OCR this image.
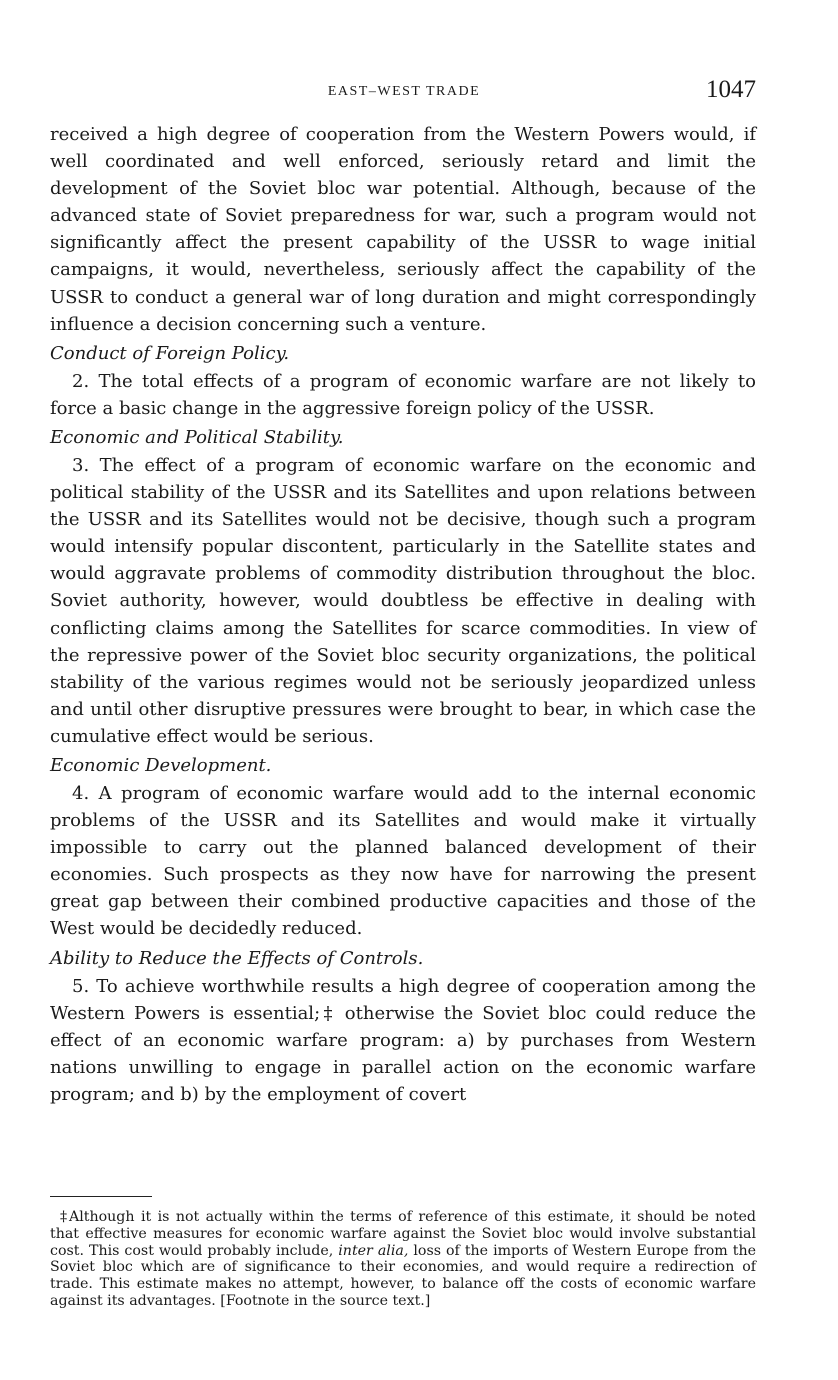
EAST–WEST TRADE	1047

received a high degree of cooperation from the Western Powers would, if well coordinated and well enforced, seriously retard and limit the development of the Soviet bloc war potential. Although, because of the advanced state of Soviet preparedness for war, such a program would not significantly affect the present capability of the USSR to wage initial campaigns, it would, nevertheless, seriously affect the capability of the USSR to conduct a general war of long duration and might correspondingly influence a decision concerning such a venture.

Conduct of Foreign Policy.

2. The total effects of a program of economic warfare are not likely to force a basic change in the aggressive foreign policy of the USSR.

Economic and Political Stability.

3. The effect of a program of economic warfare on the economic and political stability of the USSR and its Satellites and upon relations between the USSR and its Satellites would not be decisive, though such a program would intensify popular discontent, particularly in the Satellite states and would aggravate problems of commodity distribution throughout the bloc. Soviet authority, however, would doubtless be effective in dealing with conflicting claims among the Satellites for scarce commodities. In view of the repressive power of the Soviet bloc security organizations, the political stability of the various regimes would not be seriously jeopardized unless and until other disruptive pressures were brought to bear, in which case the cumulative effect would be serious.

Economic Development.

4. A program of economic warfare would add to the internal economic problems of the USSR and its Satellites and would make it virtually impossible to carry out the planned balanced development of their economies. Such prospects as they now have for narrowing the present great gap between their combined productive capacities and those of the West would be decidedly reduced.

Ability to Reduce the Effects of Controls.

5. To achieve worthwhile results a high degree of cooperation among the Western Powers is essential;‡ otherwise the Soviet bloc could reduce the effect of an economic warfare program: a) by purchases from Western nations unwilling to engage in parallel action on the economic warfare program; and b) by the employment of covert

‡Although it is not actually within the terms of reference of this estimate, it should be noted that effective measures for economic warfare against the Soviet bloc would involve substantial cost. This cost would probably include, inter alia, loss of the imports of Western Europe from the Soviet bloc which are of significance to their economies, and would require a redirection of trade. This estimate makes no attempt, however, to balance off the costs of economic warfare against its advantages. [Footnote in the source text.]
